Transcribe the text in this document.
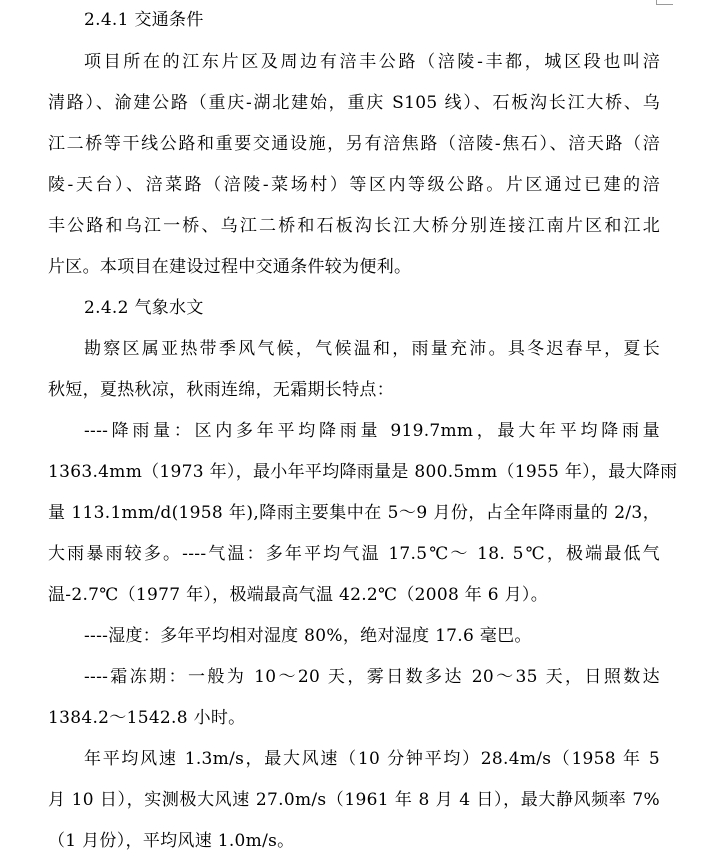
2.4.1 交通条件
项目所在的江东片区及周边有涪丰公路（涪陵-丰都，城区段也叫涪
清路）、渝建公路（重庆-湖北建始，重庆 S105 线）、石板沟长江大桥、乌
江二桥等干线公路和重要交通设施，另有涪焦路（涪陵-焦石）、涪天路（涪
陵-天台）、涪菜路（涪陵-菜场村）等区内等级公路。片区通过已建的涪
丰公路和乌江一桥、乌江二桥和石板沟长江大桥分别连接江南片区和江北
片区。本项目在建设过程中交通条件较为便利。
2.4.2 气象水文
勘察区属亚热带季风气候，气候温和，雨量充沛。具冬迟春早，夏长
秋短，夏热秋凉，秋雨连绵，无霜期长特点：
----降雨量：区内多年平均降雨量 919.7mm，最大年平均降雨量
1363.4mm（1973 年），最小年平均降雨量是 800.5mm（1955 年），最大降雨
量 113.1mm/d(1958 年),降雨主要集中在 5～9 月份，占全年降雨量的 2/3，
大雨暴雨较多。----气温：多年平均气温 17.5℃～ 18. 5℃，极端最低气
温-2.7℃（1977 年），极端最高气温 42.2℃（2008 年 6 月）。
----湿度：多年平均相对湿度 80%，绝对湿度 17.6 毫巴。
----霜冻期：一般为 10～20 天，雾日数多达 20～35 天，日照数达
1384.2～1542.8 小时。
年平均风速 1.3m/s，最大风速（10 分钟平均）28.4m/s（1958 年 5
月 10 日），实测极大风速 27.0m/s（1961 年 8 月 4 日），最大静风频率 7%
（1 月份），平均风速 1.0m/s。
